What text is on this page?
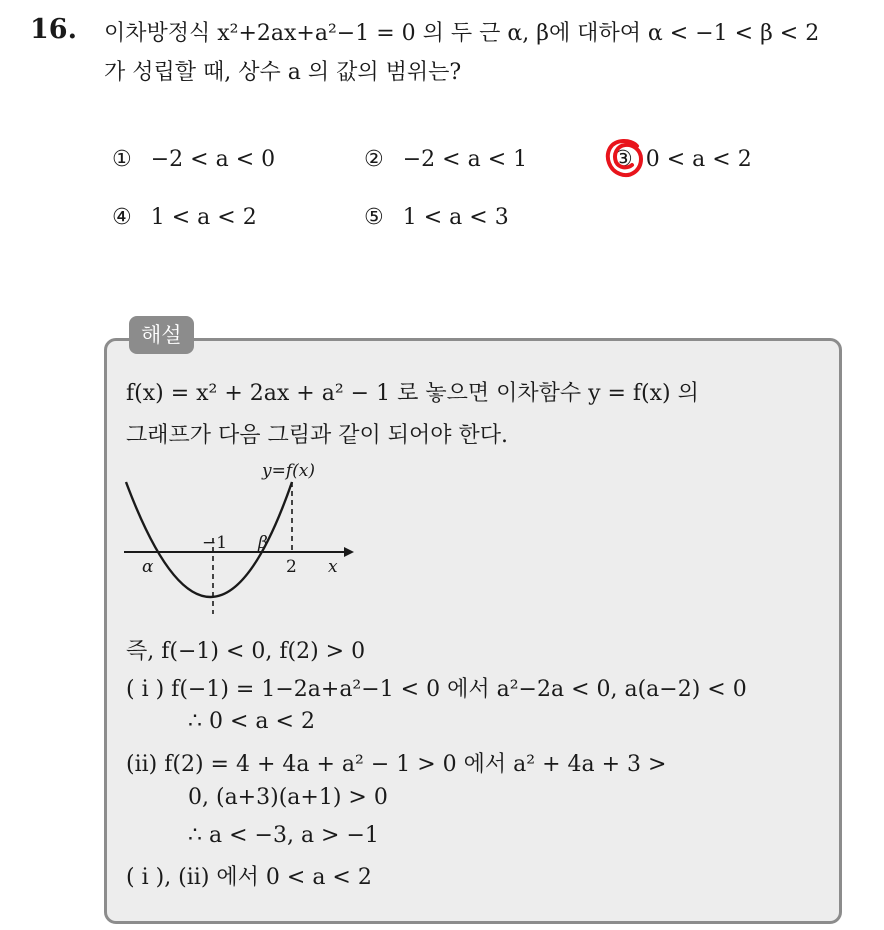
16. 이차방정식 x²+2ax+a²−1 = 0 의 두 근 α, β에 대하여 α < −1 < β < 2
가 성립할 때, 상수 a 의 값의 범위는?
① −2 < a < 0	② −2 < a < 1	③ 0 < a < 2
④ 1 < a < 2	⑤ 1 < a < 3
해설
f(x) = x² + 2ax + a² − 1 로 놓으면 이차함수 y = f(x) 의
그래프가 다음 그림과 같이 되어야 한다.
y=f(x)
−1 β
α	2 x
즉, f(−1) < 0, f(2) > 0
( i ) f(−1) = 1−2a+a²−1 < 0 에서 a²−2a < 0, a(a−2) < 0
∴ 0 < a < 2
(ii) f(2) = 4 + 4a + a² − 1 > 0 에서 a² + 4a + 3 >
0, (a+3)(a+1) > 0
∴ a < −3, a > −1
( i ), (ii) 에서 0 < a < 2
